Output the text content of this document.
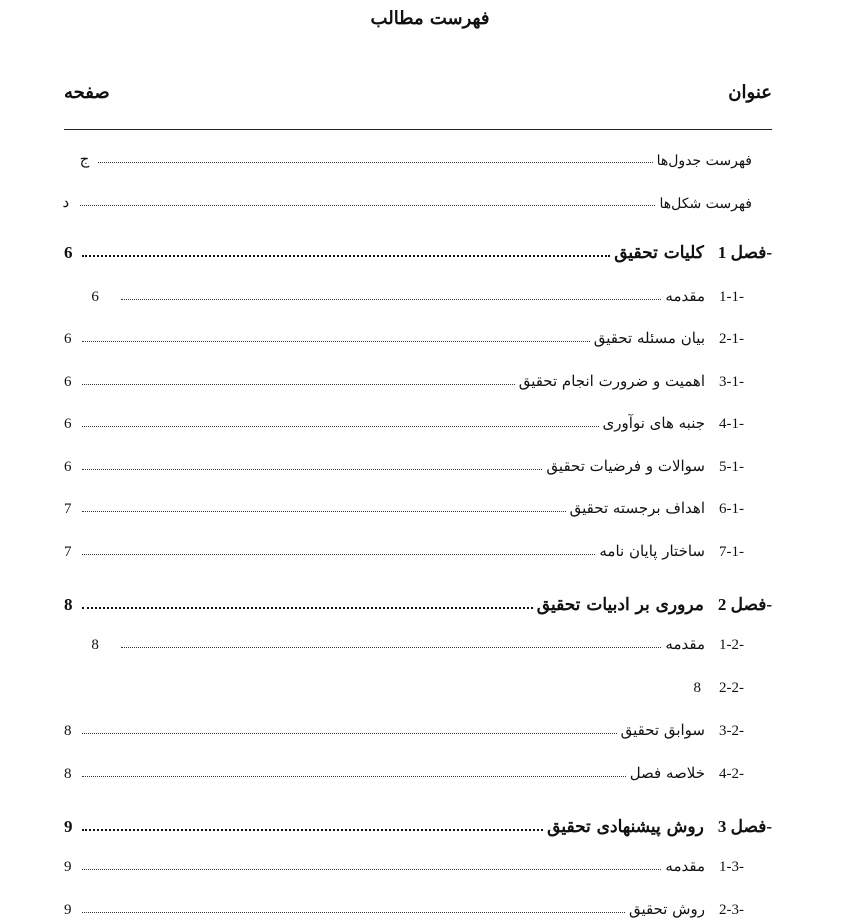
فهرست مطالب
عنوان
صفحه
فهرست جدول‌ها
ج
فهرست شکل‌ها
د
فصل 1-کلیات تحقیق
6
1-1-مقدمه
6
2-1-بیان مسئله تحقیق
6
3-1-اهمیت و ضرورت انجام تحقیق
6
4-1-جنبه های نوآوری
6
5-1-سوالات و فرضیات تحقیق
6
6-1-اهداف برجسته تحقیق
7
7-1-ساختار پایان نامه
7
فصل 2-مروری بر ادبیات تحقیق
8
1-2-مقدمه
8
2-2-
8
3-2-سوابق تحقیق
8
4-2-خلاصه فصل
8
فصل 3-روش پیشنهادی تحقیق
9
1-3-مقدمه
9
2-3-روش تحقیق
9
